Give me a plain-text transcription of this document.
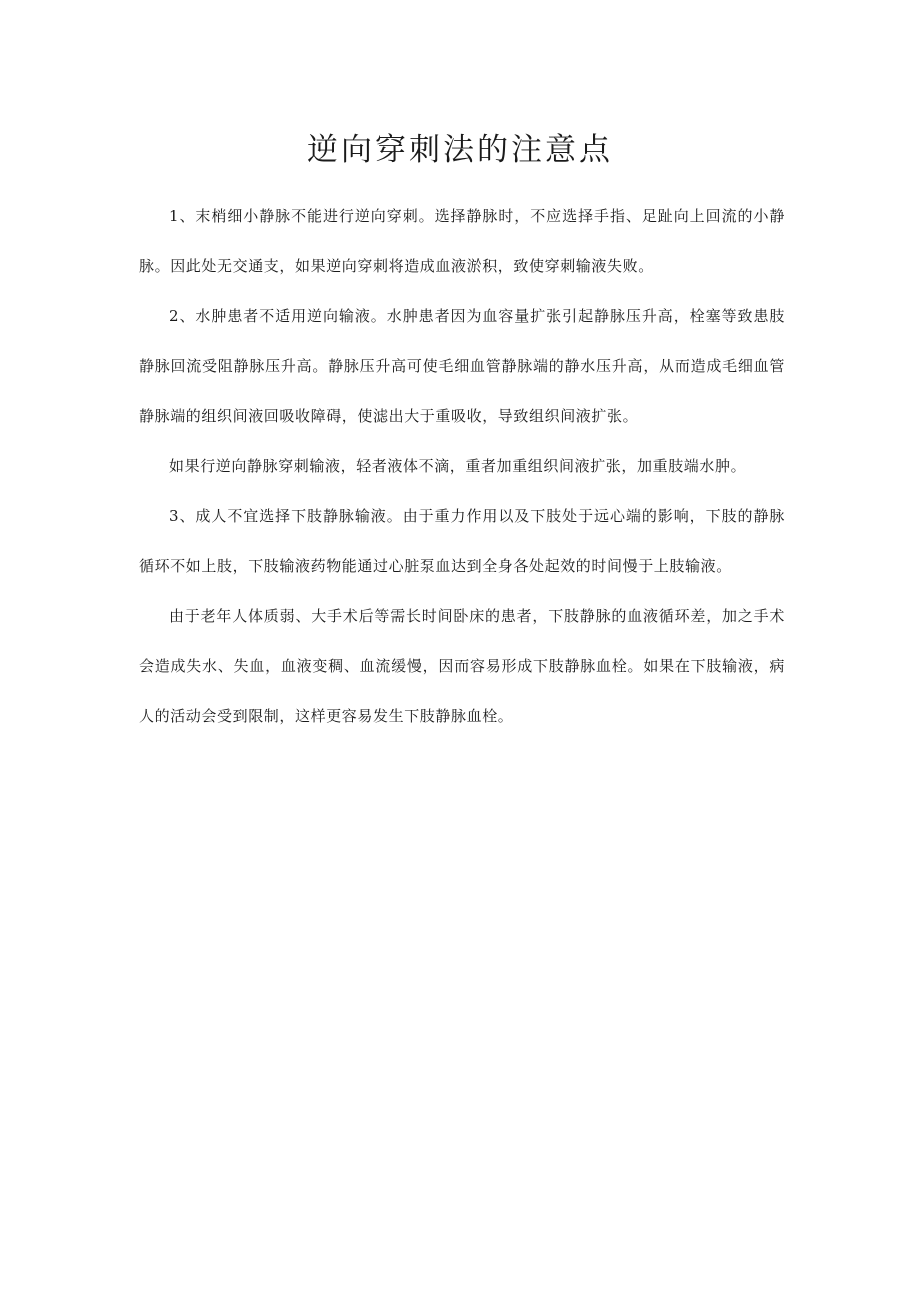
逆向穿刺法的注意点

1、末梢细小静脉不能进行逆向穿刺。选择静脉时，不应选择手指、足趾向上回流的小静脉。因此处无交通支，如果逆向穿刺将造成血液淤积，致使穿刺输液失败。

2、水肿患者不适用逆向输液。水肿患者因为血容量扩张引起静脉压升高，栓塞等致患肢静脉回流受阻静脉压升高。静脉压升高可使毛细血管静脉端的静水压升高，从而造成毛细血管静脉端的组织间液回吸收障碍，使滤出大于重吸收，导致组织间液扩张。

如果行逆向静脉穿刺输液，轻者液体不滴，重者加重组织间液扩张，加重肢端水肿。

3、成人不宜选择下肢静脉输液。由于重力作用以及下肢处于远心端的影响，下肢的静脉循环不如上肢，下肢输液药物能通过心脏泵血达到全身各处起效的时间慢于上肢输液。

由于老年人体质弱、大手术后等需长时间卧床的患者，下肢静脉的血液循环差，加之手术会造成失水、失血，血液变稠、血流缓慢，因而容易形成下肢静脉血栓。如果在下肢输液，病人的活动会受到限制，这样更容易发生下肢静脉血栓。
